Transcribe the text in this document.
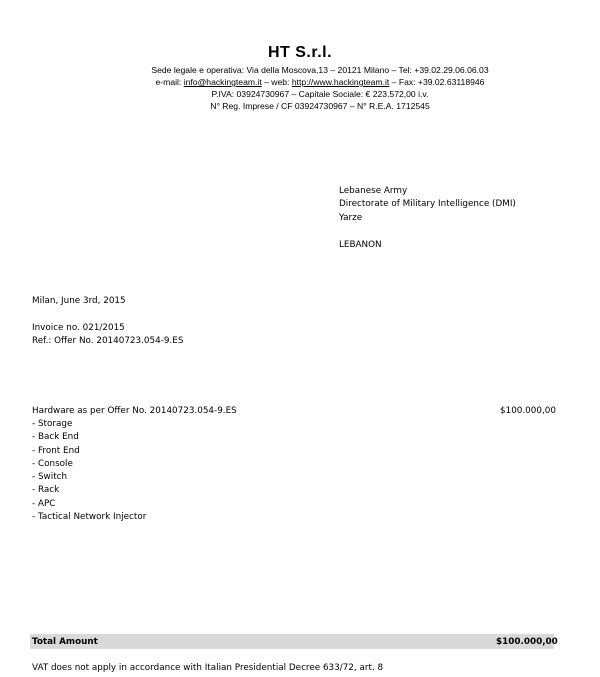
HT S.r.l.
Sede legale e operativa: Via della Moscova,13 – 20121 Milano – Tel: +39.02.29.06.06.03
e-mail: info@hackingteam.it – web: http://www.hackingteam.it – Fax: +39.02.63118946
P.IVA: 03924730967 – Capitale Sociale: € 223.572,00 i.v.
N° Reg. Imprese / CF 03924730967 – N° R.E.A. 1712545
Lebanese Army
Directorate of Military Intelligence (DMI)
Yarze
LEBANON
Milan, June 3rd, 2015
Invoice no. 021/2015
Ref.: Offer No. 20140723.054-9.ES
Hardware as per Offer No. 20140723.054-9.ES	$100.000,00
- Storage
- Back End
- Front End
- Console
- Switch
- Rack
- APC
- Tactical Network Injector
Total Amount	$100.000,00
VAT does not apply in accordance with Italian Presidential Decree 633/72, art. 8
